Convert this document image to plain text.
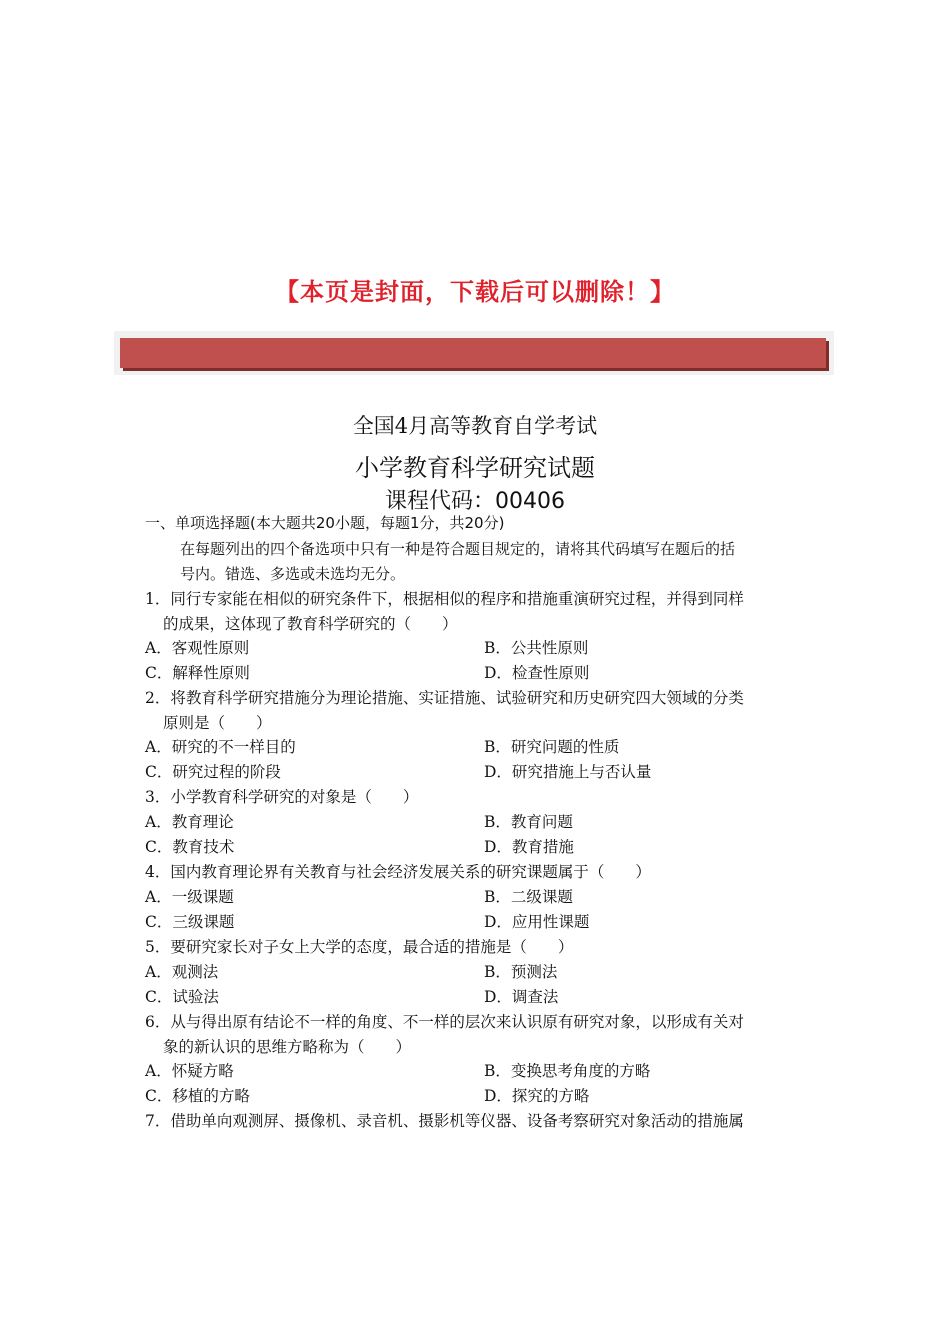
【本页是封面，下载后可以删除！】
全国4月高等教育自学考试
小学教育科学研究试题
课程代码：00406
一、单项选择题(本大题共20小题，每题1分，共20分)
在每题列出的四个备选项中只有一种是符合题目规定的，请将其代码填写在题后的括
号内。错选、多选或未选均无分。
1．同行专家能在相似的研究条件下，根据相似的程序和措施重演研究过程，并得到同样
的成果，这体现了教育科学研究的（　　）
A．客观性原则	B．公共性原则
C．解释性原则	D．检查性原则
2．将教育科学研究措施分为理论措施、实证措施、试验研究和历史研究四大领域的分类
原则是（　　）
A．研究的不一样目的	B．研究问题的性质
C．研究过程的阶段	D．研究措施上与否认量
3．小学教育科学研究的对象是（　　）
A．教育理论	B．教育问题
C．教育技术	D．教育措施
4．国内教育理论界有关教育与社会经济发展关系的研究课题属于（　　）
A．一级课题	B．二级课题
C．三级课题	D．应用性课题
5．要研究家长对子女上大学的态度，最合适的措施是（　　）
A．观测法	B．预测法
C．试验法	D．调查法
6．从与得出原有结论不一样的角度、不一样的层次来认识原有研究对象，以形成有关对
象的新认识的思维方略称为（　　）
A．怀疑方略	B．变换思考角度的方略
C．移植的方略	D．探究的方略
7．借助单向观测屏、摄像机、录音机、摄影机等仪器、设备考察研究对象活动的措施属
